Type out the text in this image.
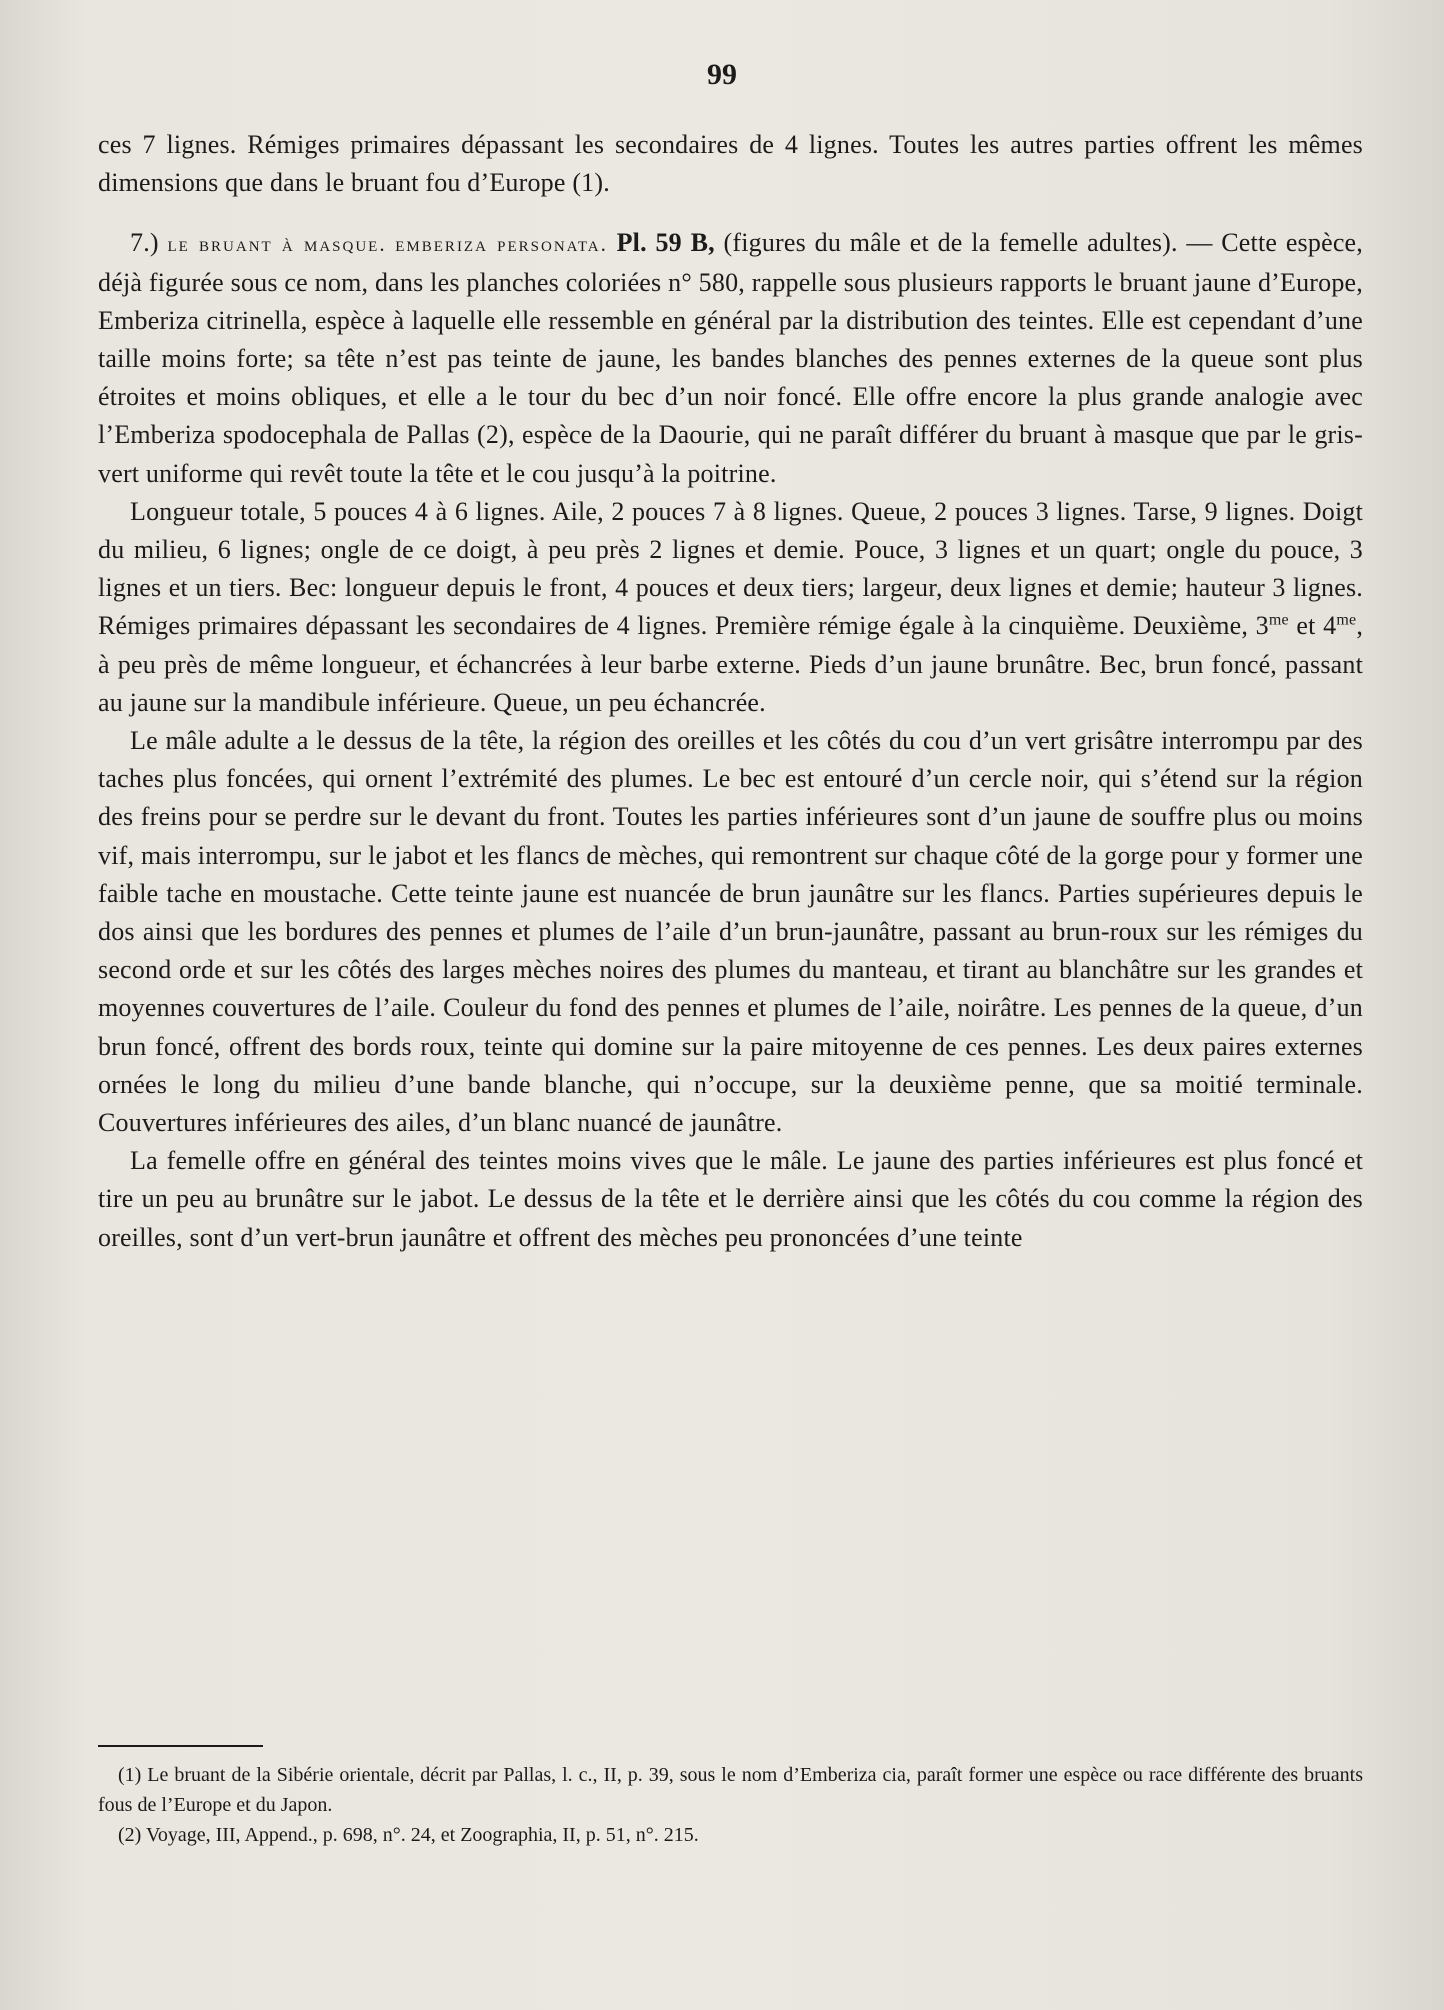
99

ces 7 lignes. Rémiges primaires dépassant les secondaires de 4 lignes. Toutes les autres parties offrent les mêmes dimensions que dans le bruant fou d’Europe (1).

7.) le bruant à masque. emberiza personata. Pl. 59 B, (figures du mâle et de la femelle adultes). — Cette espèce, déjà figurée sous ce nom, dans les planches coloriées n° 580, rappelle sous plusieurs rapports le bruant jaune d’Europe, Emberiza citrinella, espèce à laquelle elle ressemble en général par la distribution des teintes. Elle est cependant d’une taille moins forte; sa tête n’est pas teinte de jaune, les bandes blanches des pennes externes de la queue sont plus étroites et moins obliques, et elle a le tour du bec d’un noir foncé. Elle offre encore la plus grande analogie avec l’Emberiza spodocephala de Pallas (2), espèce de la Daourie, qui ne paraît différer du bruant à masque que par le gris-vert uniforme qui revêt toute la tête et le cou jusqu’à la poitrine.

Longueur totale, 5 pouces 4 à 6 lignes. Aile, 2 pouces 7 à 8 lignes. Queue, 2 pouces 3 lignes. Tarse, 9 lignes. Doigt du milieu, 6 lignes; ongle de ce doigt, à peu près 2 lignes et demie. Pouce, 3 lignes et un quart; ongle du pouce, 3 lignes et un tiers. Bec: longueur depuis le front, 4 pouces et deux tiers; largeur, deux lignes et demie; hauteur 3 lignes. Rémiges primaires dépassant les secondaires de 4 lignes. Première rémige égale à la cinquième. Deuxième, $3^{me}$ et $4^{me}$, à peu près de même longueur, et échancrées à leur barbe externe. Pieds d’un jaune brunâtre. Bec, brun foncé, passant au jaune sur la mandibule inférieure. Queue, un peu échancrée.

Le mâle adulte a le dessus de la tête, la région des oreilles et les côtés du cou d’un vert grisâtre interrompu par des taches plus foncées, qui ornent l’extrémité des plumes. Le bec est entouré d’un cercle noir, qui s’étend sur la région des freins pour se perdre sur le devant du front. Toutes les parties inférieures sont d’un jaune de souffre plus ou moins vif, mais interrompu, sur le jabot et les flancs de mèches, qui remontrent sur chaque côté de la gorge pour y former une faible tache en moustache. Cette teinte jaune est nuancée de brun jaunâtre sur les flancs. Parties supérieures depuis le dos ainsi que les bordures des pennes et plumes de l’aile d’un brun-jaunâtre, passant au brun-roux sur les rémiges du second orde et sur les côtés des larges mèches noires des plumes du manteau, et tirant au blanchâtre sur les grandes et moyennes couvertures de l’aile. Couleur du fond des pennes et plumes de l’aile, noirâtre. Les pennes de la queue, d’un brun foncé, offrent des bords roux, teinte qui domine sur la paire mitoyenne de ces pennes. Les deux paires externes ornées le long du milieu d’une bande blanche, qui n’occupe, sur la deuxième penne, que sa moitié terminale. Couvertures inférieures des ailes, d’un blanc nuancé de jaunâtre.

La femelle offre en général des teintes moins vives que le mâle. Le jaune des parties inférieures est plus foncé et tire un peu au brunâtre sur le jabot. Le dessus de la tête et le derrière ainsi que les côtés du cou comme la région des oreilles, sont d’un vert-brun jaunâtre et offrent des mèches peu prononcées d’une teinte

(1) Le bruant de la Sibérie orientale, décrit par Pallas, l. c., II, p. 39, sous le nom d’Emberiza cia, paraît former une espèce ou race différente des bruants fous de l’Europe et du Japon.

(2) Voyage, III, Append., p. 698, n°. 24, et Zoographia, II, p. 51, n°. 215.
